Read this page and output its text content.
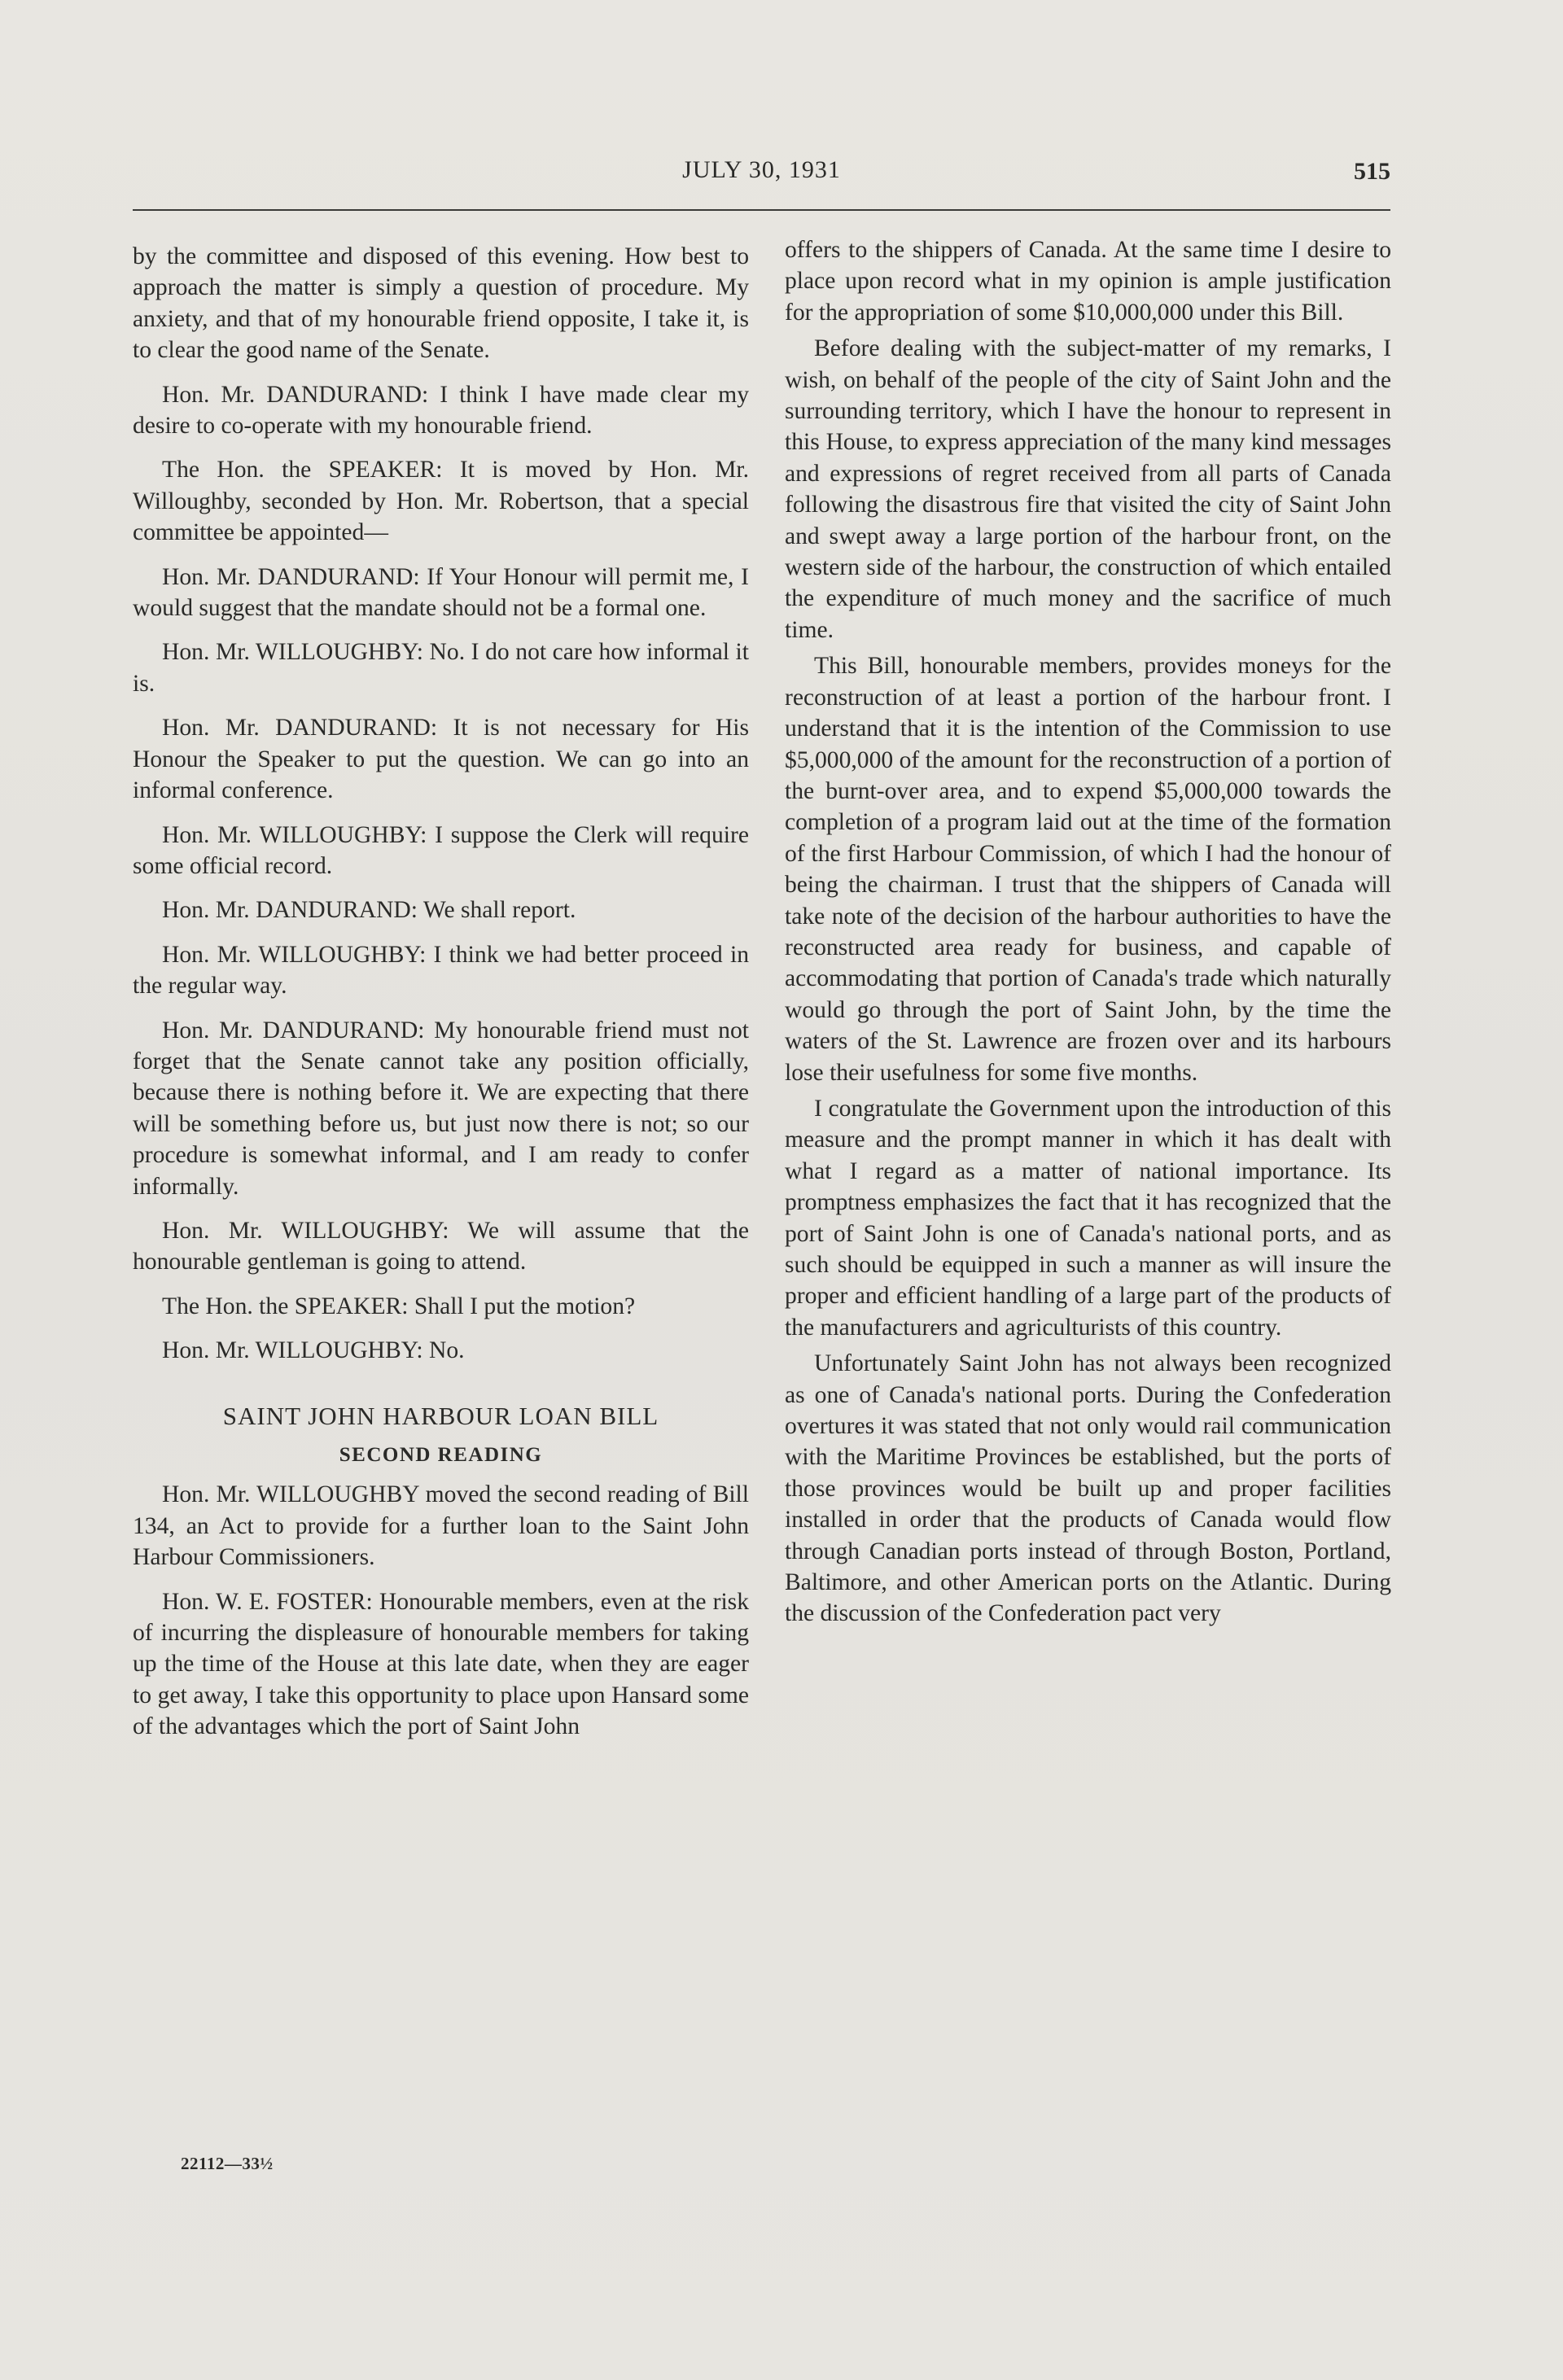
JULY 30, 1931	515

by the committee and disposed of this evening. How best to approach the matter is simply a question of procedure. My anxiety, and that of my honourable friend opposite, I take it, is to clear the good name of the Senate.

Hon. Mr. DANDURAND: I think I have made clear my desire to co-operate with my honourable friend.

The Hon. the SPEAKER: It is moved by Hon. Mr. Willoughby, seconded by Hon. Mr. Robertson, that a special committee be appointed—

Hon. Mr. DANDURAND: If Your Honour will permit me, I would suggest that the mandate should not be a formal one.

Hon. Mr. WILLOUGHBY: No. I do not care how informal it is.

Hon. Mr. DANDURAND: It is not necessary for His Honour the Speaker to put the question. We can go into an informal conference.

Hon. Mr. WILLOUGHBY: I suppose the Clerk will require some official record.

Hon. Mr. DANDURAND: We shall report.

Hon. Mr. WILLOUGHBY: I think we had better proceed in the regular way.

Hon. Mr. DANDURAND: My honourable friend must not forget that the Senate cannot take any position officially, because there is nothing before it. We are expecting that there will be something before us, but just now there is not; so our procedure is somewhat informal, and I am ready to confer informally.

Hon. Mr. WILLOUGHBY: We will assume that the honourable gentleman is going to attend.

The Hon. the SPEAKER: Shall I put the motion?

Hon. Mr. WILLOUGHBY: No.

SAINT JOHN HARBOUR LOAN BILL
SECOND READING

Hon. Mr. WILLOUGHBY moved the second reading of Bill 134, an Act to provide for a further loan to the Saint John Harbour Commissioners.

Hon. W. E. FOSTER: Honourable members, even at the risk of incurring the displeasure of honourable members for taking up the time of the House at this late date, when they are eager to get away, I take this opportunity to place upon Hansard some of the advantages which the port of Saint John

22112—33½

offers to the shippers of Canada. At the same time I desire to place upon record what in my opinion is ample justification for the appropriation of some $10,000,000 under this Bill.

Before dealing with the subject-matter of my remarks, I wish, on behalf of the people of the city of Saint John and the surrounding territory, which I have the honour to represent in this House, to express appreciation of the many kind messages and expressions of regret received from all parts of Canada following the disastrous fire that visited the city of Saint John and swept away a large portion of the harbour front, on the western side of the harbour, the construction of which entailed the expenditure of much money and the sacrifice of much time.

This Bill, honourable members, provides moneys for the reconstruction of at least a portion of the harbour front. I understand that it is the intention of the Commission to use $5,000,000 of the amount for the reconstruction of a portion of the burnt-over area, and to expend $5,000,000 towards the completion of a program laid out at the time of the formation of the first Harbour Commission, of which I had the honour of being the chairman. I trust that the shippers of Canada will take note of the decision of the harbour authorities to have the reconstructed area ready for business, and capable of accommodating that portion of Canada's trade which naturally would go through the port of Saint John, by the time the waters of the St. Lawrence are frozen over and its harbours lose their usefulness for some five months.

I congratulate the Government upon the introduction of this measure and the prompt manner in which it has dealt with what I regard as a matter of national importance. Its promptness emphasizes the fact that it has recognized that the port of Saint John is one of Canada's national ports, and as such should be equipped in such a manner as will insure the proper and efficient handling of a large part of the products of the manufacturers and agriculturists of this country.

Unfortunately Saint John has not always been recognized as one of Canada's national ports. During the Confederation overtures it was stated that not only would rail communication with the Maritime Provinces be established, but the ports of those provinces would be built up and proper facilities installed in order that the products of Canada would flow through Canadian ports instead of through Boston, Portland, Baltimore, and other American ports on the Atlantic. During the discussion of the Confederation pact very
